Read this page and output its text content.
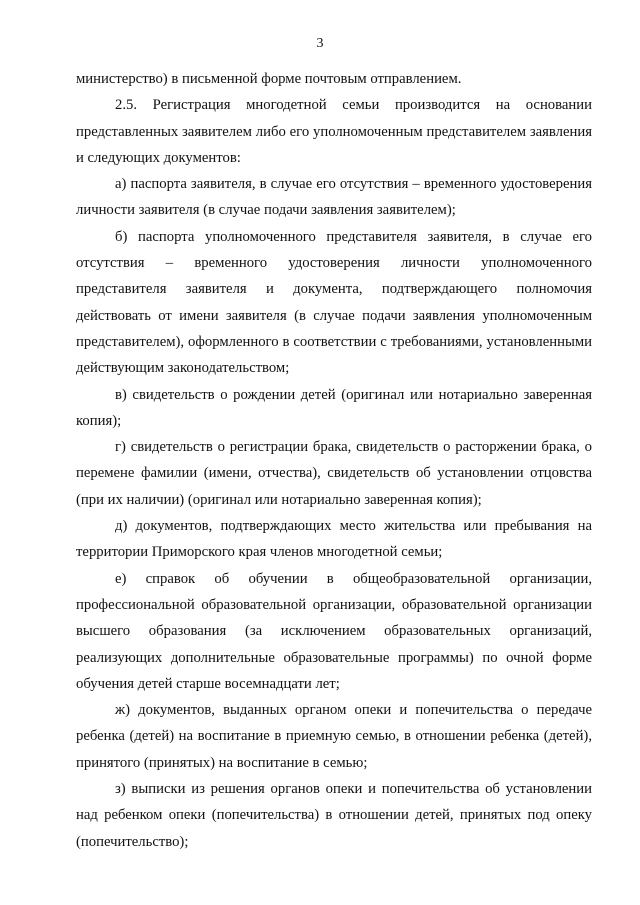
3

министерство) в письменной форме почтовым отправлением.

2.5. Регистрация многодетной семьи производится на основании представленных заявителем либо его уполномоченным представителем заявления и следующих документов:

а) паспорта заявителя, в случае его отсутствия – временного удостоверения личности заявителя (в случае подачи заявления заявителем);

б) паспорта уполномоченного представителя заявителя, в случае его отсутствия – временного удостоверения личности уполномоченного представителя заявителя и документа, подтверждающего полномочия действовать от имени заявителя (в случае подачи заявления уполномоченным представителем), оформленного в соответствии с требованиями, установленными действующим законодательством;

в) свидетельств о рождении детей (оригинал или нотариально заверенная копия);

г) свидетельств о регистрации брака, свидетельств о расторжении брака, о перемене фамилии (имени, отчества), свидетельств об установлении отцовства (при их наличии) (оригинал или нотариально заверенная копия);

д) документов, подтверждающих место жительства или пребывания на территории Приморского края членов многодетной семьи;

е) справок об обучении в общеобразовательной организации, профессиональной образовательной организации, образовательной организации высшего образования (за исключением образовательных организаций, реализующих дополнительные образовательные программы) по очной форме обучения детей старше восемнадцати лет;

ж) документов, выданных органом опеки и попечительства о передаче ребенка (детей) на воспитание в приемную семью, в отношении ребенка (детей), принятого (принятых) на воспитание в семью;

з) выписки из решения органов опеки и попечительства об установлении над ребенком опеки (попечительства) в отношении детей, принятых под опеку (попечительство);
